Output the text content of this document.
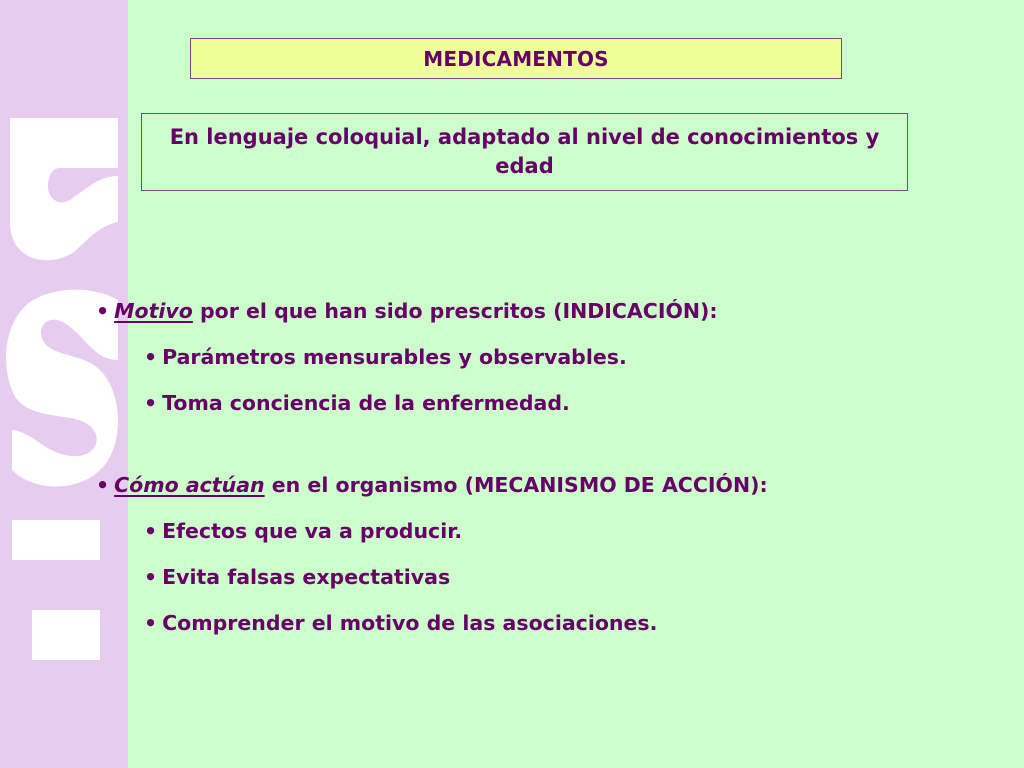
MEDICAMENTOS
En lenguaje coloquial, adaptado al nivel de conocimientos y edad
• Motivo por el que han sido prescritos (INDICACIÓN):
• Parámetros mensurables y observables.
• Toma conciencia de la enfermedad.
• Cómo actúan en el organismo (MECANISMO DE ACCIÓN):
• Efectos que va a producir.
• Evita falsas expectativas
• Comprender el motivo de las asociaciones.
